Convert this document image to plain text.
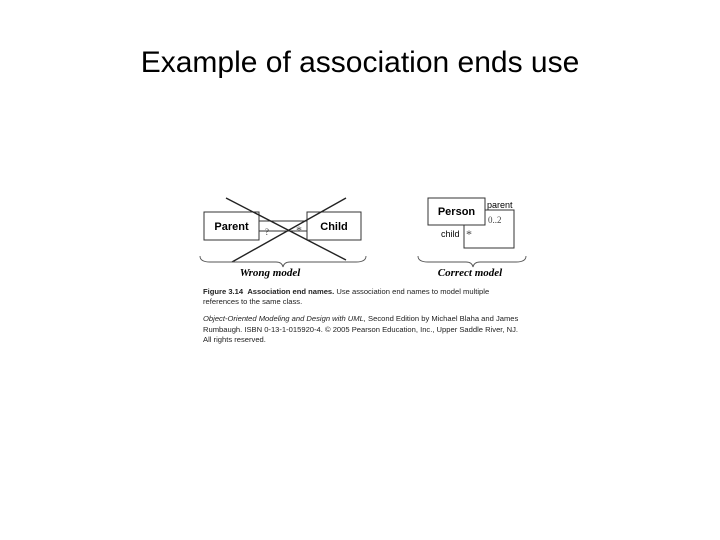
Example of association ends use
Parent	Child
? *
Wrong model
Person
parent
0..2
child *
Correct model

Figure 3.14 Association end names. Use association end names to model multiple references to the same class.

Object-Oriented Modeling and Design with UML, Second Edition by Michael Blaha and James Rumbaugh. ISBN 0-13-1-015920-4. © 2005 Pearson Education, Inc., Upper Saddle River, NJ. All rights reserved.
